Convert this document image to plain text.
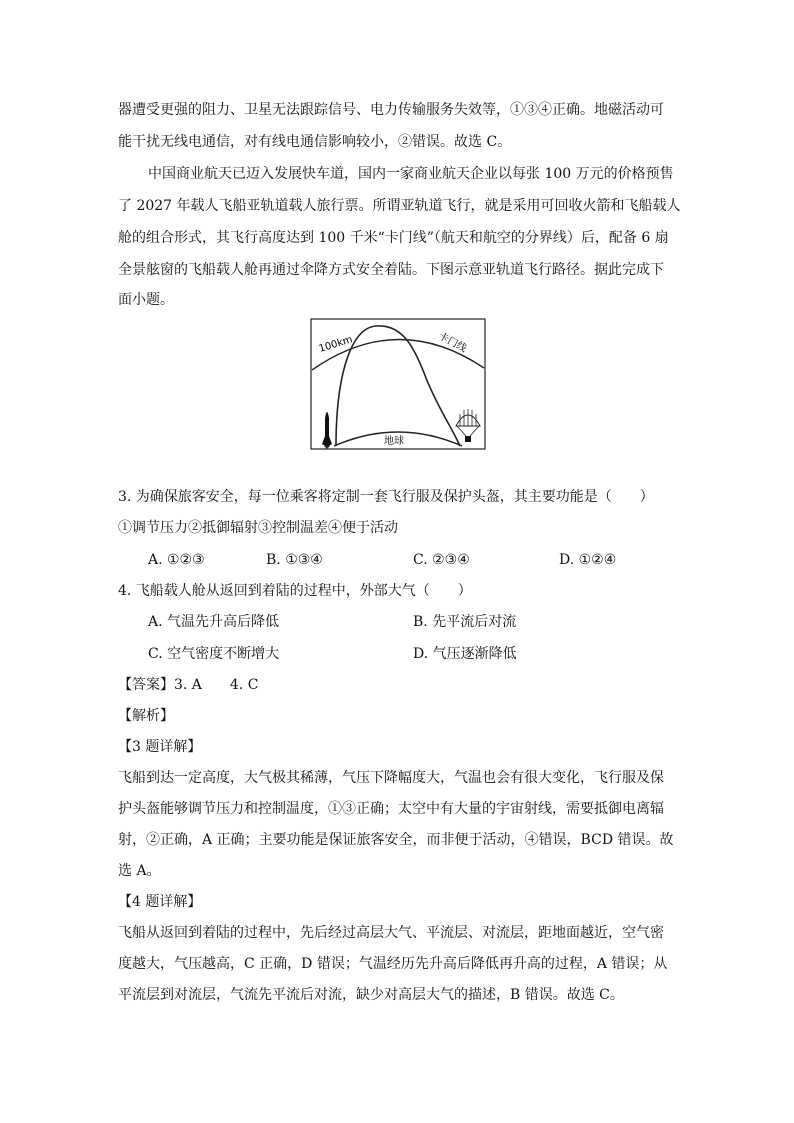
器遭受更强的阻力、卫星无法跟踪信号、电力传输服务失效等，①③④正确。地磁活动可
能干扰无线电通信，对有线电通信影响较小，②错误。故选 C。
中国商业航天已迈入发展快车道，国内一家商业航天企业以每张 100 万元的价格预售
了 2027 年载人飞船亚轨道载人旅行票。所谓亚轨道飞行，就是采用可回收火箭和飞船载人
舱的组合形式，其飞行高度达到 100 千米“卡门线”（航天和航空的分界线）后，配备 6 扇
全景舷窗的飞船载人舱再通过伞降方式安全着陆。下图示意亚轨道飞行路径。据此完成下
面小题。
100km	卡门线
地球
3. 为确保旅客安全，每一位乘客将定制一套飞行服及保护头盔，其主要功能是（　　）
①调节压力②抵御辐射③控制温差④便于活动
A. ①②③	B. ①③④	C. ②③④	D. ①②④
4. 飞船载人舱从返回到着陆的过程中，外部大气（　　）
A. 气温先升高后降低	B. 先平流后对流
C. 空气密度不断增大	D. 气压逐渐降低
【答案】3. A　　4. C
【解析】
【3 题详解】
飞船到达一定高度，大气极其稀薄，气压下降幅度大，气温也会有很大变化，飞行服及保
护头盔能够调节压力和控制温度，①③正确；太空中有大量的宇宙射线，需要抵御电离辐
射，②正确，A 正确；主要功能是保证旅客安全，而非便于活动，④错误，BCD 错误。故
选 A。
【4 题详解】
飞船从返回到着陆的过程中，先后经过高层大气、平流层、对流层，距地面越近，空气密
度越大，气压越高，C 正确，D 错误；气温经历先升高后降低再升高的过程，A 错误；从
平流层到对流层，气流先平流后对流，缺少对高层大气的描述，B 错误。故选 C。
